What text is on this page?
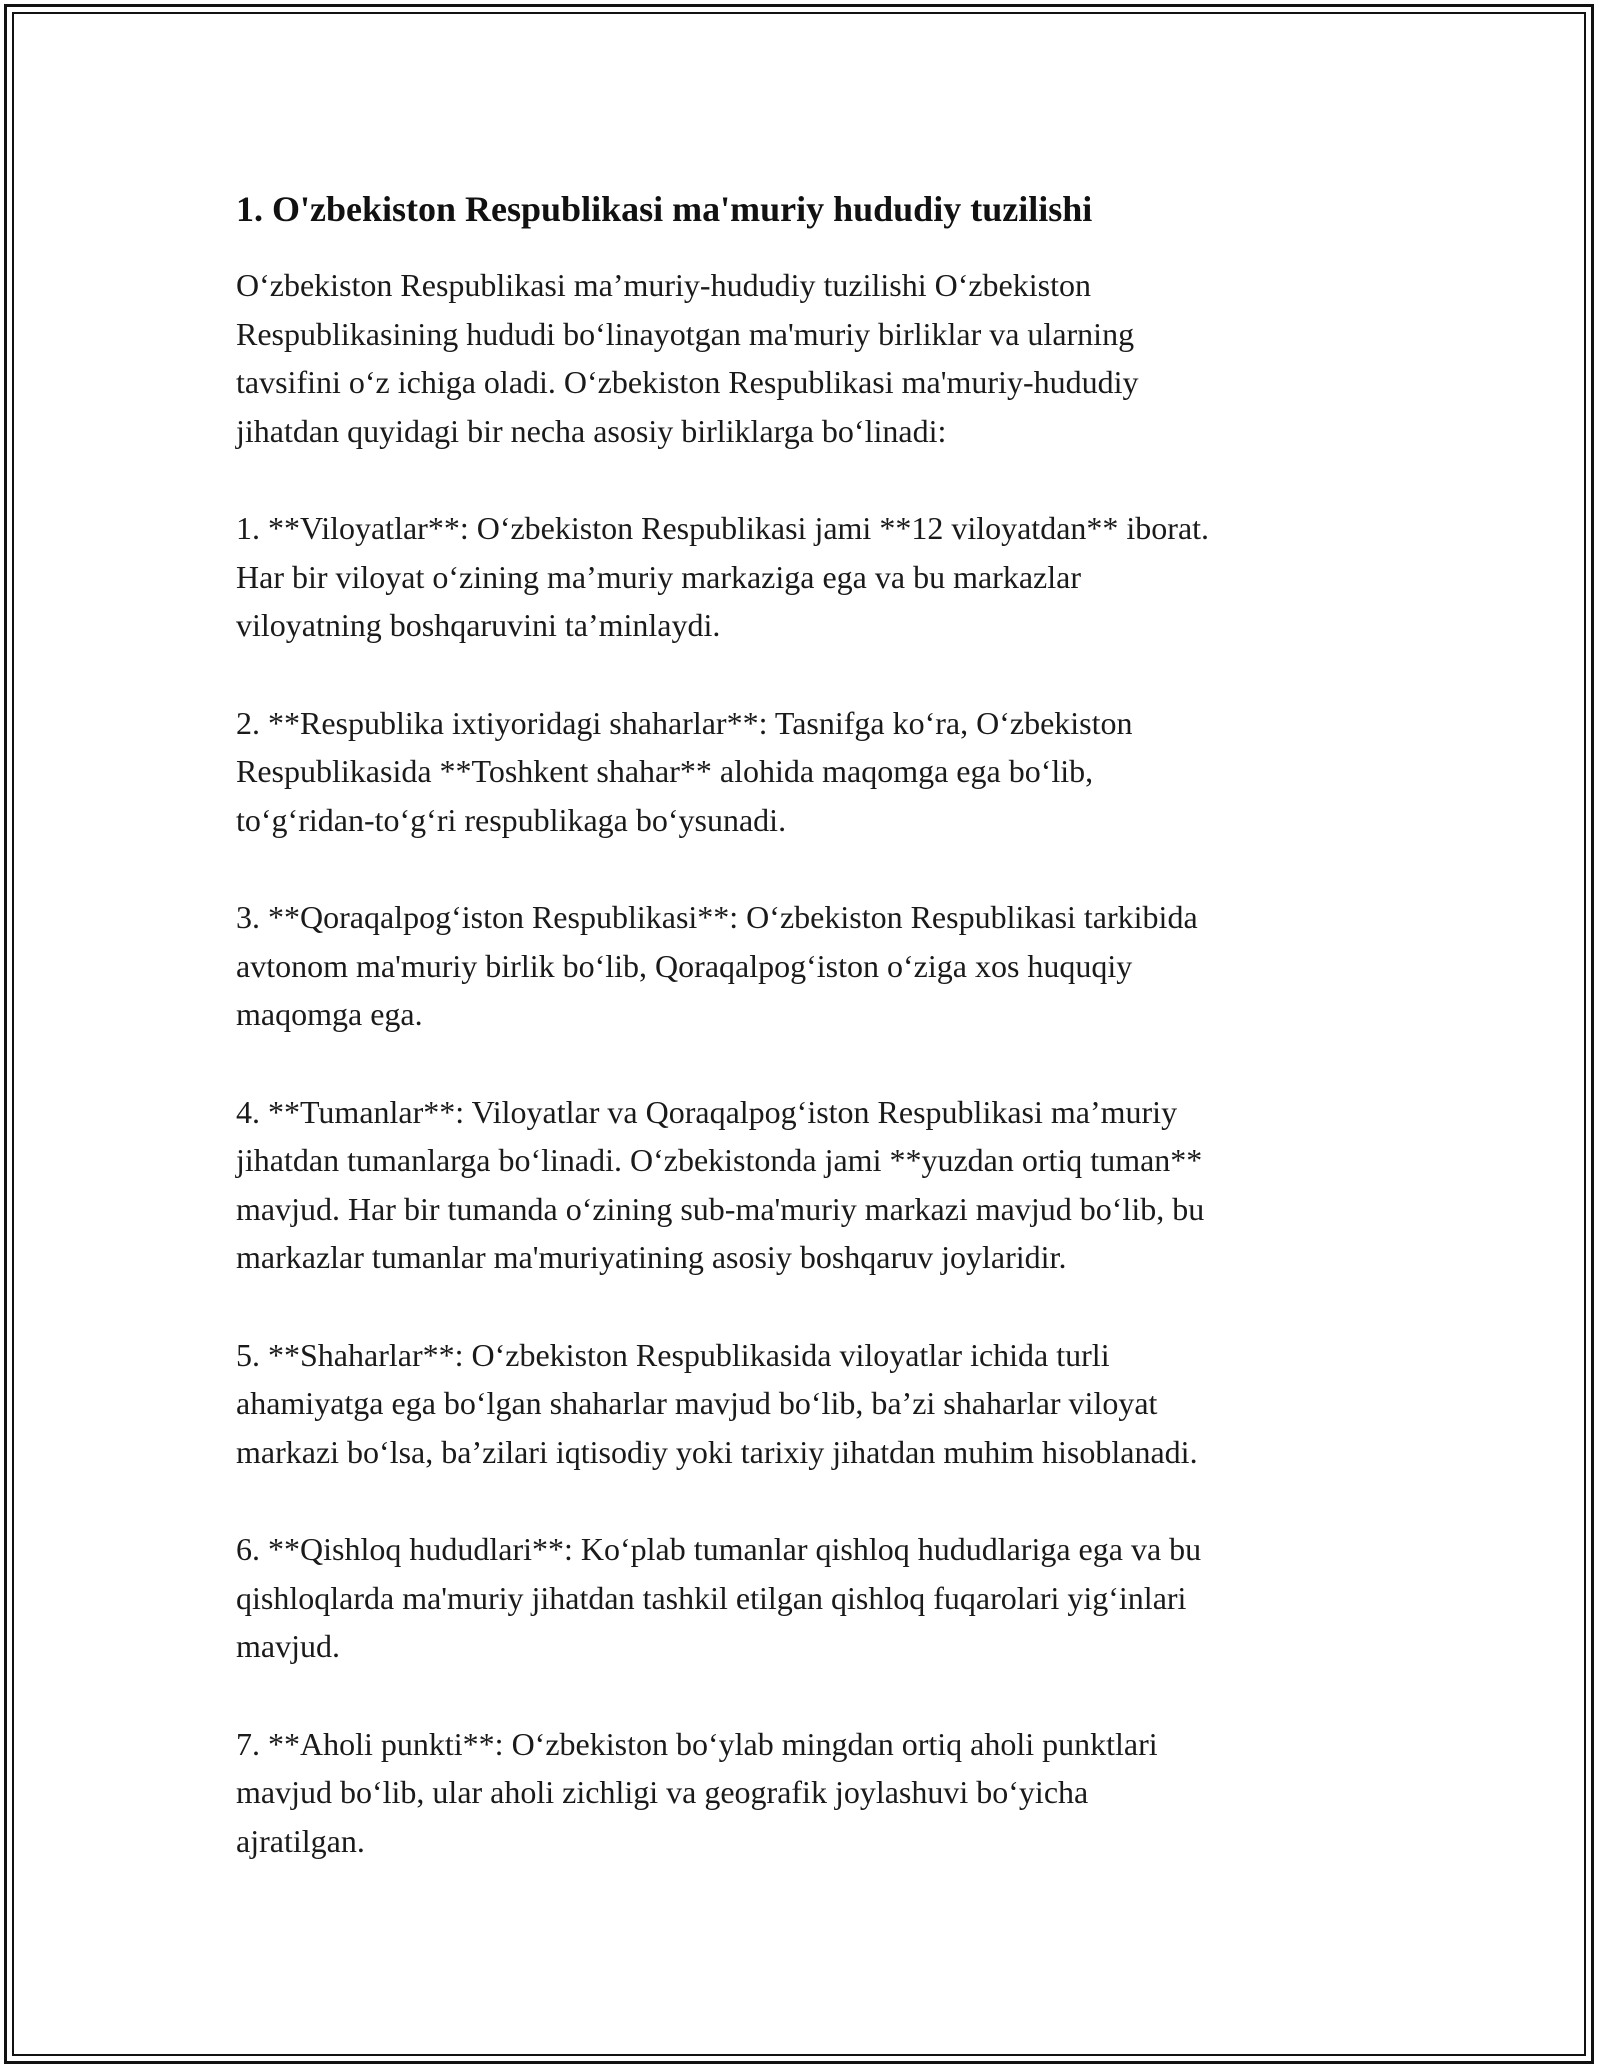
1. O'zbekiston Respublikasi ma'muriy hududiy tuzilishi

O‘zbekiston Respublikasi ma’muriy-hududiy tuzilishi O‘zbekiston
Respublikasining hududi bo‘linayotgan ma'muriy birliklar va ularning
tavsifini o‘z ichiga oladi. O‘zbekiston Respublikasi ma'muriy-hududiy
jihatdan quyidagi bir necha asosiy birliklarga bo‘linadi:

1. **Viloyatlar**: O‘zbekiston Respublikasi jami **12 viloyatdan** iborat.
Har bir viloyat o‘zining ma’muriy markaziga ega va bu markazlar
viloyatning boshqaruvini ta’minlaydi.

2. **Respublika ixtiyoridagi shaharlar**: Tasnifga ko‘ra, O‘zbekiston
Respublikasida **Toshkent shahar** alohida maqomga ega bo‘lib,
to‘g‘ridan-to‘g‘ri respublikaga bo‘ysunadi.

3. **Qoraqalpog‘iston Respublikasi**: O‘zbekiston Respublikasi tarkibida
avtonom ma'muriy birlik bo‘lib, Qoraqalpog‘iston o‘ziga xos huquqiy
maqomga ega.

4. **Tumanlar**: Viloyatlar va Qoraqalpog‘iston Respublikasi ma’muriy
jihatdan tumanlarga bo‘linadi. O‘zbekistonda jami **yuzdan ortiq tuman**
mavjud. Har bir tumanda o‘zining sub-ma'muriy markazi mavjud bo‘lib, bu
markazlar tumanlar ma'muriyatining asosiy boshqaruv joylaridir.

5. **Shaharlar**: O‘zbekiston Respublikasida viloyatlar ichida turli
ahamiyatga ega bo‘lgan shaharlar mavjud bo‘lib, ba’zi shaharlar viloyat
markazi bo‘lsa, ba’zilari iqtisodiy yoki tarixiy jihatdan muhim hisoblanadi.

6. **Qishloq hududlari**: Ko‘plab tumanlar qishloq hududlariga ega va bu
qishloqlarda ma'muriy jihatdan tashkil etilgan qishloq fuqarolari yig‘inlari
mavjud.

7. **Aholi punkti**: O‘zbekiston bo‘ylab mingdan ortiq aholi punktlari
mavjud bo‘lib, ular aholi zichligi va geografik joylashuvi bo‘yicha
ajratilgan.
